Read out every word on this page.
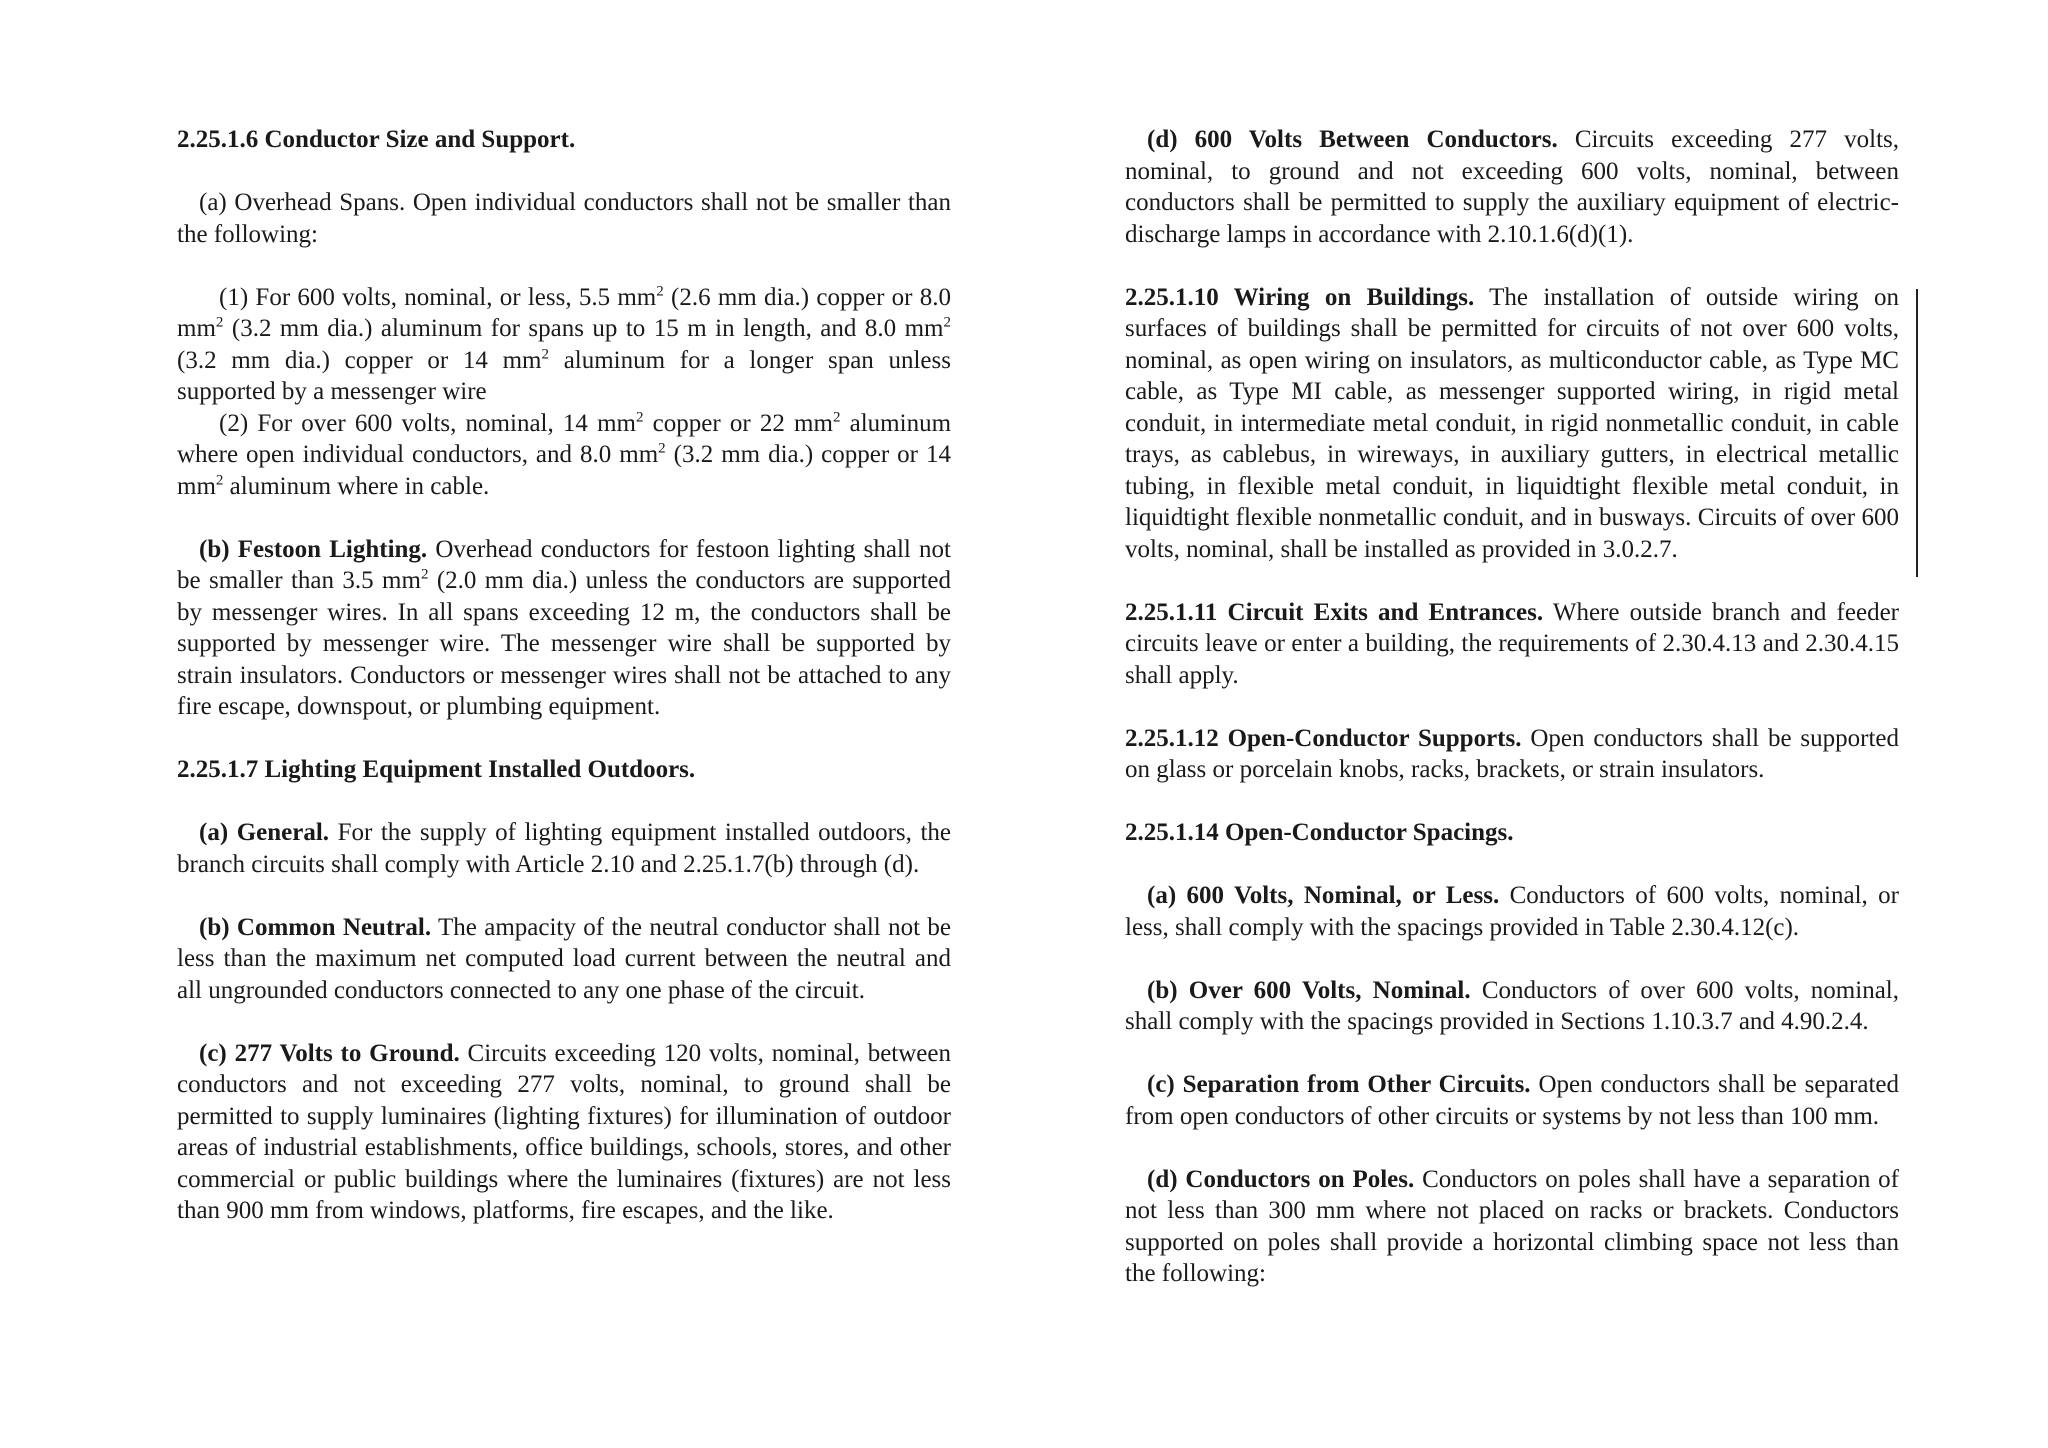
2.25.1.6 Conductor Size and Support.
(a) Overhead Spans. Open individual conductors shall not be smaller than the following:

(1) For 600 volts, nominal, or less, 5.5 $mm^2$ (2.6 mm dia.) copper or 8.0 $mm^2$ (3.2 mm dia.) aluminum for spans up to 15 m in length, and 8.0 $mm^2$ (3.2 mm dia.) copper or 14 $mm^2$ aluminum for a longer span unless supported by a messenger wire

(2) For over 600 volts, nominal, 14 $mm^2$ copper or 22 $mm^2$ aluminum where open individual conductors, and 8.0 $mm^2$ (3.2 mm dia.) copper or 14 $mm^2$ aluminum where in cable.

(b) Festoon Lighting. Overhead conductors for festoon lighting shall not be smaller than 3.5 $mm^2$ (2.0 mm dia.) unless the conductors are supported by messenger wires. In all spans exceeding 12 m, the conductors shall be supported by messenger wire. The messenger wire shall be supported by strain insulators. Conductors or messenger wires shall not be attached to any fire escape, downspout, or plumbing equipment.
2.25.1.7 Lighting Equipment Installed Outdoors.
(a) General. For the supply of lighting equipment installed outdoors, the branch circuits shall comply with Article 2.10 and 2.25.1.7(b) through (d).
(b) Common Neutral. The ampacity of the neutral conductor shall not be less than the maximum net computed load current between the neutral and all ungrounded conductors connected to any one phase of the circuit.
(c) 277 Volts to Ground. Circuits exceeding 120 volts, nominal, between conductors and not exceeding 277 volts, nominal, to ground shall be permitted to supply luminaires (lighting fixtures) for illumination of outdoor areas of industrial establishments, office buildings, schools, stores, and other commercial or public buildings where the luminaires (fixtures) are not less than 900 mm from windows, platforms, fire escapes, and the like.
(d) 600 Volts Between Conductors. Circuits exceeding 277 volts, nominal, to ground and not exceeding 600 volts, nominal, between conductors shall be permitted to supply the auxiliary equipment of electric-discharge lamps in accordance with 2.10.1.6(d)(1).
2.25.1.10 Wiring on Buildings. The installation of outside wiring on surfaces of buildings shall be permitted for circuits of not over 600 volts, nominal, as open wiring on insulators, as multiconductor cable, as Type MC cable, as Type MI cable, as messenger supported wiring, in rigid metal conduit, in intermediate metal conduit, in rigid nonmetallic conduit, in cable trays, as cablebus, in wireways, in auxiliary gutters, in electrical metallic tubing, in flexible metal conduit, in liquidtight flexible metal conduit, in liquidtight flexible nonmetallic conduit, and in busways. Circuits of over 600 volts, nominal, shall be installed as provided in 3.0.2.7.
2.25.1.11 Circuit Exits and Entrances. Where outside branch and feeder circuits leave or enter a building, the requirements of 2.30.4.13 and 2.30.4.15 shall apply.
2.25.1.12 Open-Conductor Supports. Open conductors shall be supported on glass or porcelain knobs, racks, brackets, or strain insulators.
2.25.1.14 Open-Conductor Spacings.
(a) 600 Volts, Nominal, or Less. Conductors of 600 volts, nominal, or less, shall comply with the spacings provided in Table 2.30.4.12(c).
(b) Over 600 Volts, Nominal. Conductors of over 600 volts, nominal, shall comply with the spacings provided in Sections 1.10.3.7 and 4.90.2.4.
(c) Separation from Other Circuits. Open conductors shall be separated from open conductors of other circuits or systems by not less than 100 mm.
(d) Conductors on Poles. Conductors on poles shall have a separation of not less than 300 mm where not placed on racks or brackets. Conductors supported on poles shall provide a horizontal climbing space not less than the following:
